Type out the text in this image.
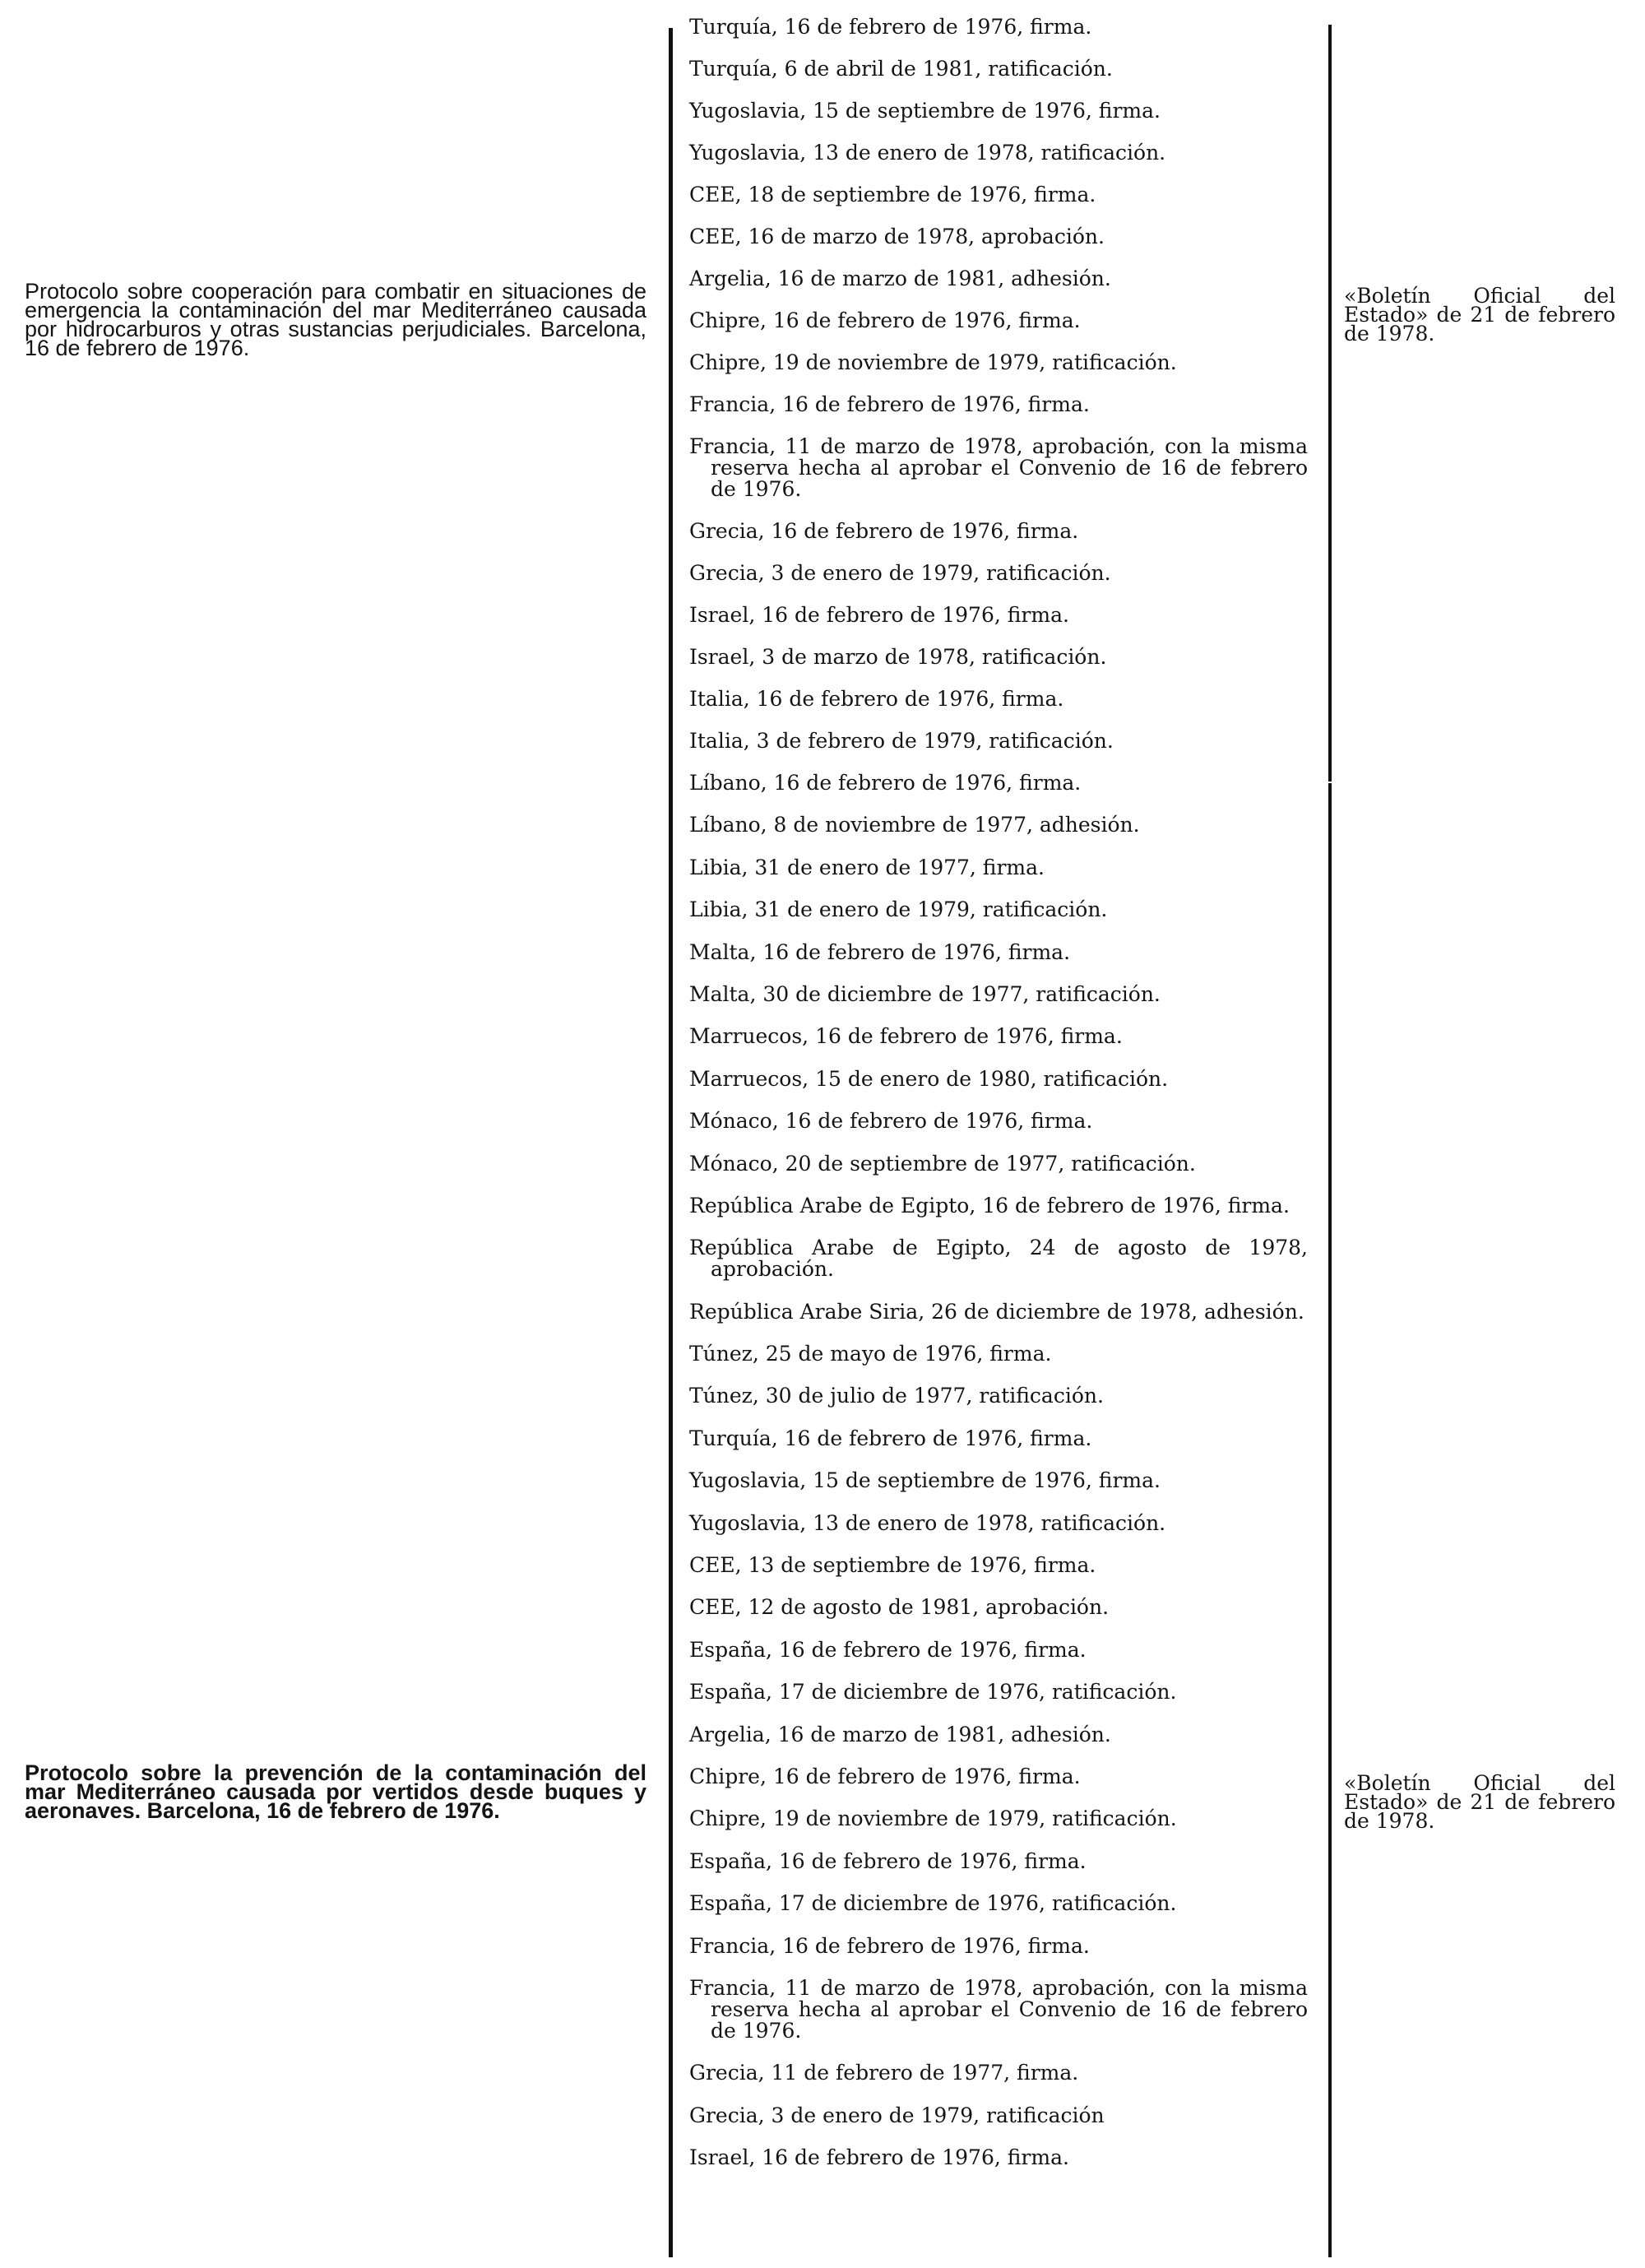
Protocolo sobre cooperación para combatir en situaciones de emergencia la contaminación del mar Mediterráneo causada por hidrocarburos y otras sustancias perjudiciales. Barcelona, 16 de febrero de 1976.
«Boletín Oficial del Estado» de 21 de febrero de 1978.
Protocolo sobre la prevención de la contaminación del mar Mediterráneo causada por vertidos desde buques y aeronaves. Barcelona, 16 de febrero de 1976.
«Boletín Oficial del Estado» de 21 de febrero de 1978.
Turquía, 16 de febrero de 1976, firma.
Turquía, 6 de abril de 1981, ratificación.
Yugoslavia, 15 de septiembre de 1976, firma.
Yugoslavia, 13 de enero de 1978, ratificación.
CEE, 18 de septiembre de 1976, firma.
CEE, 16 de marzo de 1978, aprobación.
Argelia, 16 de marzo de 1981, adhesión.
Chipre, 16 de febrero de 1976, firma.
Chipre, 19 de noviembre de 1979, ratificación.
Francia, 16 de febrero de 1976, firma.
Francia, 11 de marzo de 1978, aprobación, con la misma reserva hecha al aprobar el Convenio de 16 de febrero de 1976.
Grecia, 16 de febrero de 1976, firma.
Grecia, 3 de enero de 1979, ratificación.
Israel, 16 de febrero de 1976, firma.
Israel, 3 de marzo de 1978, ratificación.
Italia, 16 de febrero de 1976, firma.
Italia, 3 de febrero de 1979, ratificación.
Líbano, 16 de febrero de 1976, firma.
Líbano, 8 de noviembre de 1977, adhesión.
Libia, 31 de enero de 1977, firma.
Libia, 31 de enero de 1979, ratificación.
Malta, 16 de febrero de 1976, firma.
Malta, 30 de diciembre de 1977, ratificación.
Marruecos, 16 de febrero de 1976, firma.
Marruecos, 15 de enero de 1980, ratificación.
Mónaco, 16 de febrero de 1976, firma.
Mónaco, 20 de septiembre de 1977, ratificación.
República Arabe de Egipto, 16 de febrero de 1976, firma.
República Arabe de Egipto, 24 de agosto de 1978, aprobación.
República Arabe Siria, 26 de diciembre de 1978, adhesión.
Túnez, 25 de mayo de 1976, firma.
Túnez, 30 de julio de 1977, ratificación.
Turquía, 16 de febrero de 1976, firma.
Yugoslavia, 15 de septiembre de 1976, firma.
Yugoslavia, 13 de enero de 1978, ratificación.
CEE, 13 de septiembre de 1976, firma.
CEE, 12 de agosto de 1981, aprobación.
España, 16 de febrero de 1976, firma.
España, 17 de diciembre de 1976, ratificación.
Argelia, 16 de marzo de 1981, adhesión.
Chipre, 16 de febrero de 1976, firma.
Chipre, 19 de noviembre de 1979, ratificación.
España, 16 de febrero de 1976, firma.
España, 17 de diciembre de 1976, ratificación.
Francia, 16 de febrero de 1976, firma.
Francia, 11 de marzo de 1978, aprobación, con la misma reserva hecha al aprobar el Convenio de 16 de febrero de 1976.
Grecia, 11 de febrero de 1977, firma.
Grecia, 3 de enero de 1979, ratificación
Israel, 16 de febrero de 1976, firma.
